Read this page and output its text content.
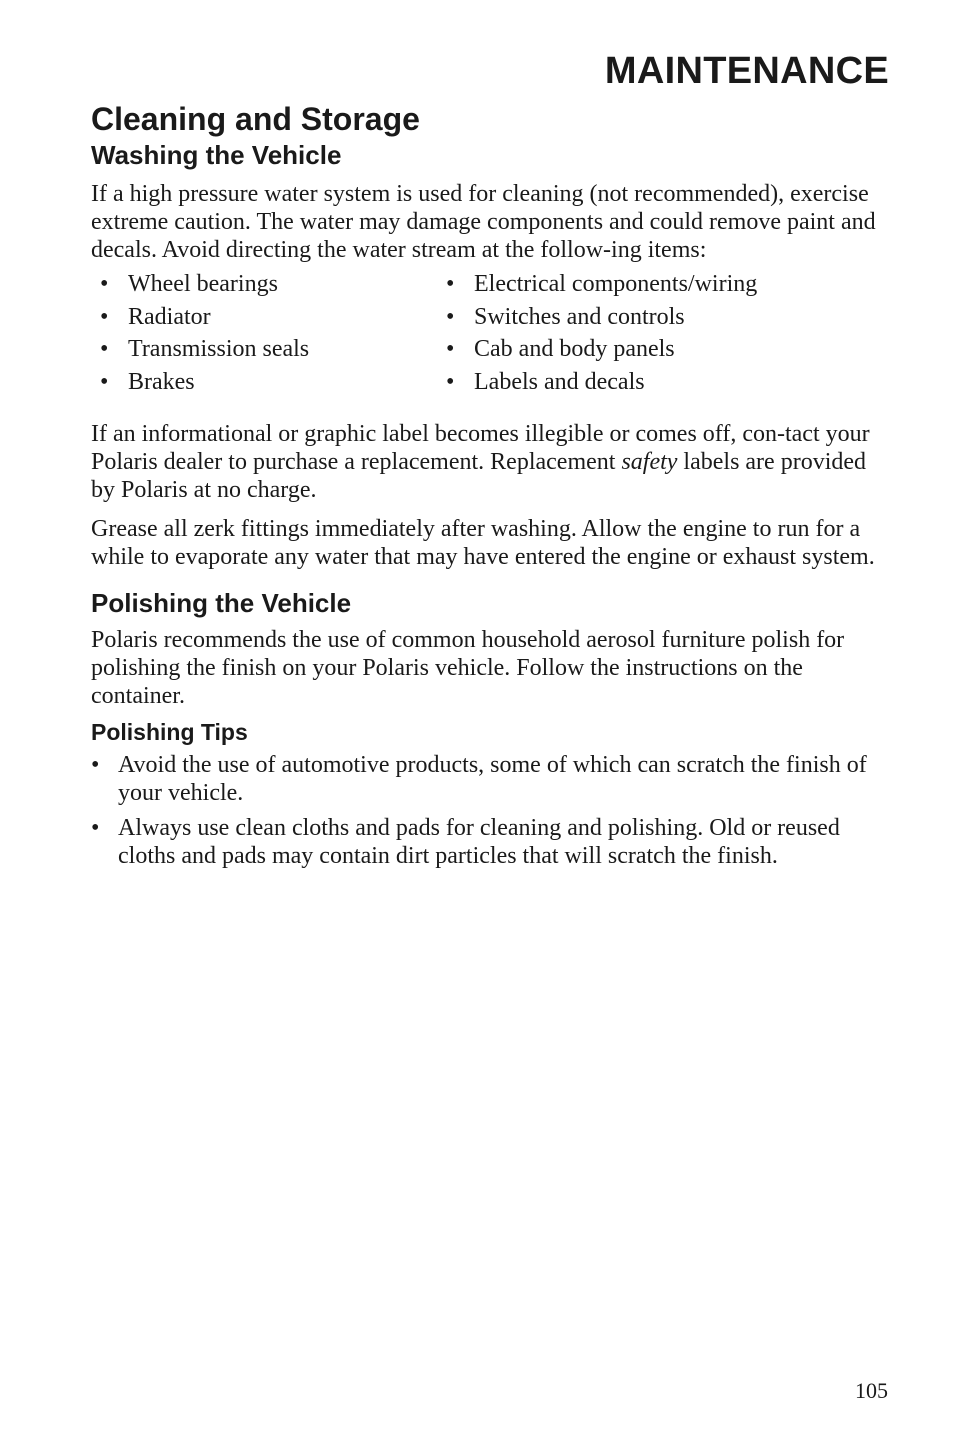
MAINTENANCE
Cleaning and Storage
Washing the Vehicle

If a high pressure water system is used for cleaning (not recommended), exercise extreme caution. The water may damage components and could remove paint and decals. Avoid directing the water stream at the follow-ing items:

• Wheel bearings
• Radiator
• Transmission seals
• Brakes
• Electrical components/wiring
• Switches and controls
• Cab and body panels
• Labels and decals

If an informational or graphic label becomes illegible or comes off, con-tact your Polaris dealer to purchase a replacement. Replacement safety labels are provided by Polaris at no charge.

Grease all zerk fittings immediately after washing. Allow the engine to run for a while to evaporate any water that may have entered the engine or exhaust system.

Polishing the Vehicle

Polaris recommends the use of common household aerosol furniture polish for polishing the finish on your Polaris vehicle. Follow the instructions on the container.

Polishing Tips
• Avoid the use of automotive products, some of which can scratch the finish of your vehicle.
• Always use clean cloths and pads for cleaning and polishing. Old or reused cloths and pads may contain dirt particles that will scratch the finish.
105
